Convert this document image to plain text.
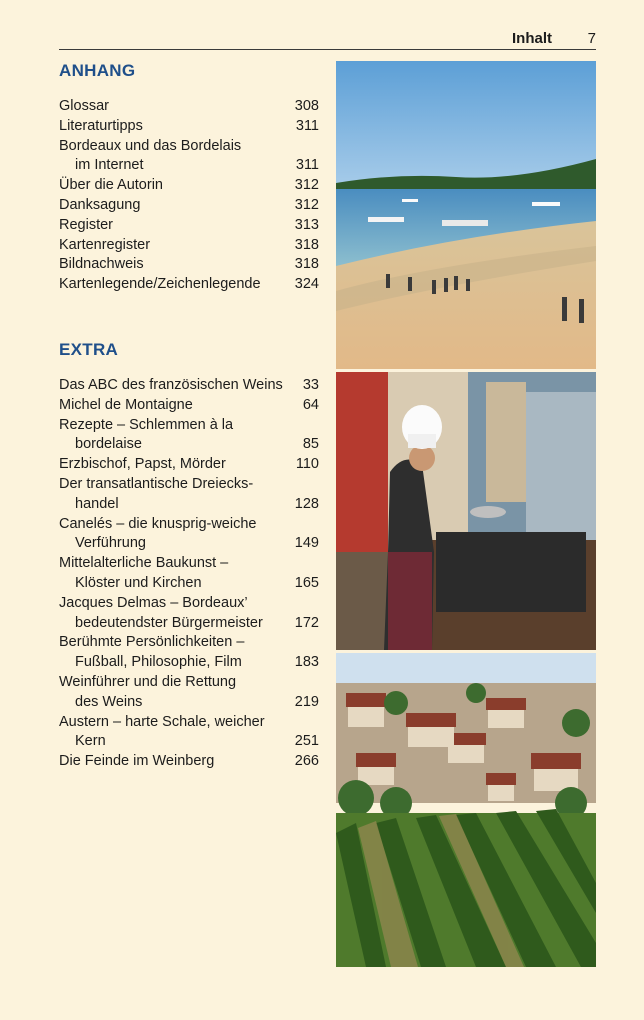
Inhalt 7
ANHANG
Glossar	308
Literaturtipps	311
Bordeaux und das Bordelais
im Internet	311
Über die Autorin	312
Danksagung	312
Register	313
Kartenregister	318
Bildnachweis	318
Kartenlegende/Zeichenlegende 324
EXTRA
Das ABC des französischen Weins 33
Michel de Montaigne	64
Rezepte – Schlemmen à la
bordelaise	85
Erzbischof, Papst, Mörder	110
Der transatlantische Dreiecks-
handel	128
Canelés – die knusprig-weiche
Verführung	149
Mittelalterliche Baukunst –
Klöster und Kirchen	165
Jacques Delmas – Bordeaux’
bedeutendster Bürgermeister 172
Berühmte Persönlichkeiten –
Fußball, Philosophie, Film	183
Weinführer und die Rettung
des Weins	219
Austern – harte Schale, weicher
Kern	251
Die Feinde im Weinberg	266
